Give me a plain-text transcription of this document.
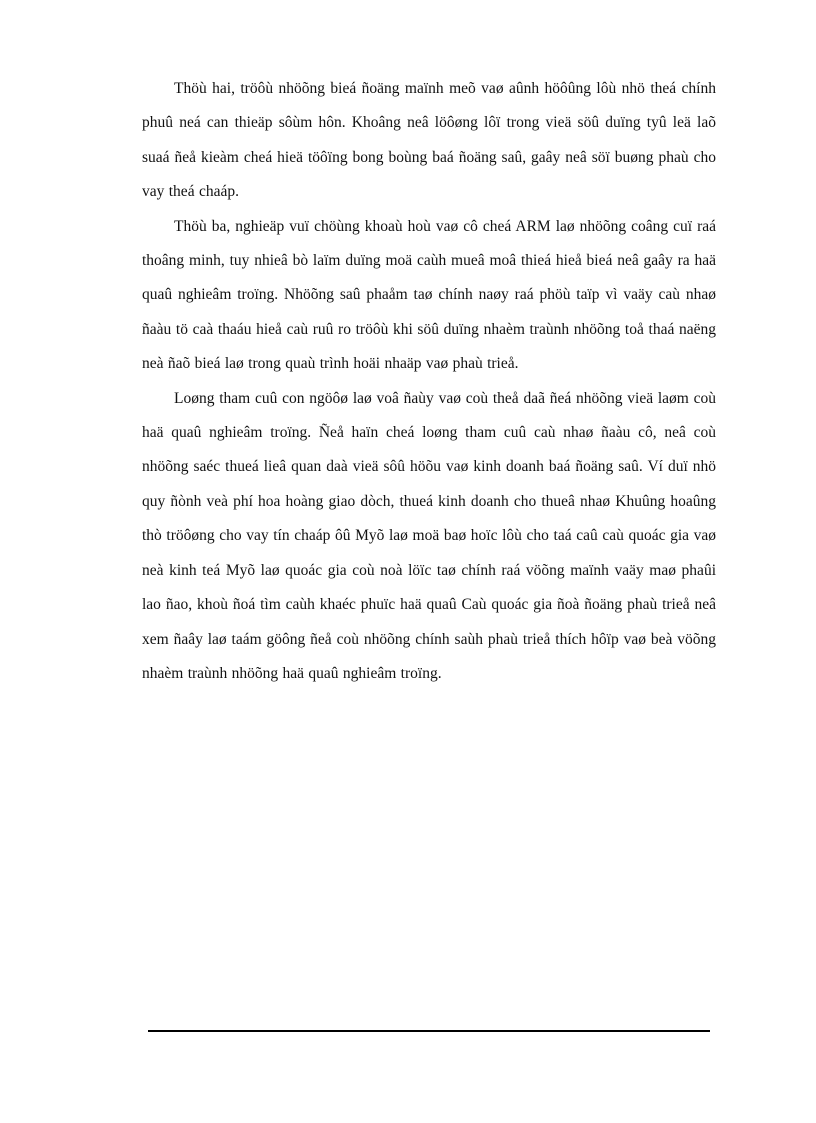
Thöù hai, tröôù nhöõng bieá ñoäng maïnh meõ vaø aûnh höôûng lôù nhö theá chính phuû neá can thieäp sôùm hôn. Khoâng neâ löôøng lôï trong vieä söû duïng tyû leä laõ suaá ñeå kieàm cheá hieä töôïng bong boùng baá ñoäng saû, gaây neâ söï buøng phaù cho vay theá chaáp.

Thöù ba, nghieäp vuï chöùng khoaù hoù vaø cô cheá ARM laø nhöõng coâng cuï raá thoâng minh, tuy nhieâ bò laïm duïng moä caùh mueâ moâ thieá hieå bieá neâ gaây ra haä quaû nghieâm troïng. Nhöõng saû phaåm taø chính naøy raá phöù taïp vì vaäy caù nhaø ñaàu tö caà thaáu hieå caù ruû ro tröôù khi söû duïng nhaèm traùnh nhöõng toå thaá naëng neà ñaõ bieá laø trong quaù trình hoäi nhaäp vaø phaù trieå.

Loøng tham cuû con ngöôø laø voâ ñaùy vaø coù theå daã ñeá nhöõng vieä laøm coù haä quaû nghieâm troïng. Ñeå haïn cheá loøng tham cuû caù nhaø ñaàu cô, neâ coù nhöõng saéc thueá lieâ quan daà vieä sôû höõu vaø kinh doanh baá ñoäng saû. Ví duï nhö quy ñònh veà phí hoa hoàng giao dòch, thueá kinh doanh cho thueâ nhaø Khuûng hoaûng thò tröôøng cho vay tín chaáp ôû Myõ laø moä baø hoïc lôù cho taá caû caù quoác gia vaø neà kinh teá Myõ laø quoác gia coù noà löïc taø chính raá vöõng maïnh vaäy maø phaûi lao ñao, khoù ñoá tìm caùh khaéc phuïc haä quaû Caù quoác gia ñoà ñoäng phaù trieå neâ xem ñaây laø taám göông ñeå coù nhöõng chính saùh phaù trieå thích hôïp vaø beà vöõng nhaèm traùnh nhöõng haä quaû nghieâm troïng.
